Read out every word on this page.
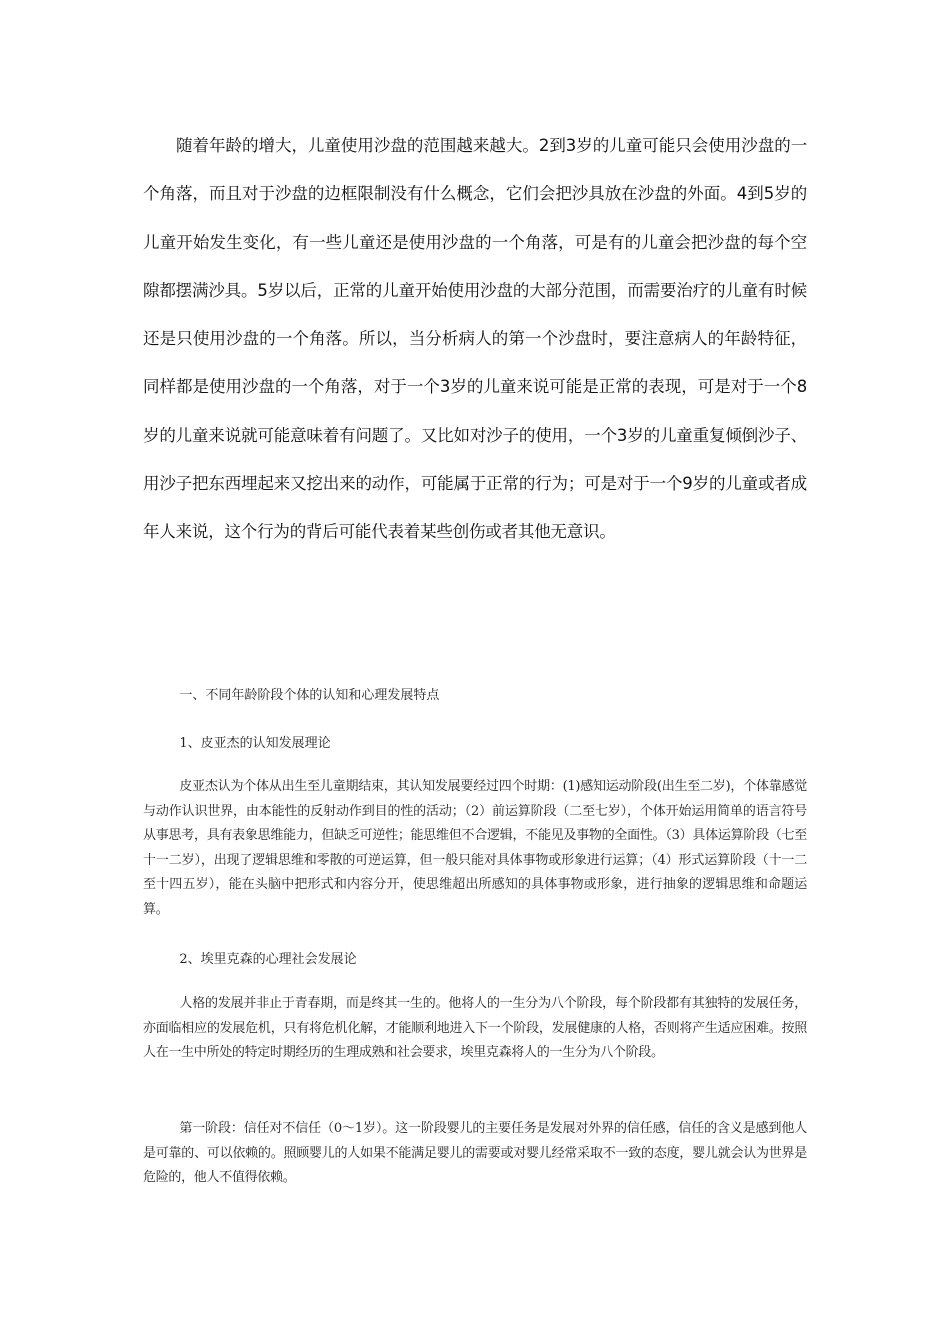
随着年龄的增大，儿童使用沙盘的范围越来越大。2到3岁的儿童可能只会使用沙盘的一个角落，而且对于沙盘的边框限制没有什么概念，它们会把沙具放在沙盘的外面。4到5岁的儿童开始发生变化，有一些儿童还是使用沙盘的一个角落，可是有的儿童会把沙盘的每个空隙都摆满沙具。5岁以后，正常的儿童开始使用沙盘的大部分范围，而需要治疗的儿童有时候还是只使用沙盘的一个角落。所以，当分析病人的第一个沙盘时，要注意病人的年龄特征，同样都是使用沙盘的一个角落，对于一个3岁的儿童来说可能是正常的表现，可是对于一个8岁的儿童来说就可能意味着有问题了。又比如对沙子的使用，一个3岁的儿童重复倾倒沙子、用沙子把东西埋起来又挖出来的动作，可能属于正常的行为；可是对于一个9岁的儿童或者成年人来说，这个行为的背后可能代表着某些创伤或者其他无意识。

一、不同年龄阶段个体的认知和心理发展特点

1、皮亚杰的认知发展理论

皮亚杰认为个体从出生至儿童期结束，其认知发展要经过四个时期：(1)感知运动阶段(出生至二岁)，个体靠感觉与动作认识世界，由本能性的反射动作到目的性的活动；（2）前运算阶段（二至七岁），个体开始运用简单的语言符号从事思考，具有表象思维能力，但缺乏可逆性；能思维但不合逻辑，不能见及事物的全面性。（3）具体运算阶段（七至十一二岁），出现了逻辑思维和零散的可逆运算，但一般只能对具体事物或形象进行运算；（4）形式运算阶段（十一二至十四五岁），能在头脑中把形式和内容分开，使思维超出所感知的具体事物或形象，进行抽象的逻辑思维和命题运算。

2、埃里克森的心理社会发展论

人格的发展并非止于青春期，而是终其一生的。他将人的一生分为八个阶段，每个阶段都有其独特的发展任务，亦面临相应的发展危机，只有将危机化解，才能顺利地进入下一个阶段，发展健康的人格，否则将产生适应困难。按照人在一生中所处的特定时期经历的生理成熟和社会要求，埃里克森将人的一生分为八个阶段。

第一阶段：信任对不信任（0～1岁）。这一阶段婴儿的主要任务是发展对外界的信任感，信任的含义是感到他人是可靠的、可以依赖的。照顾婴儿的人如果不能满足婴儿的需要或对婴儿经常采取不一致的态度，婴儿就会认为世界是危险的，他人不值得依赖。
